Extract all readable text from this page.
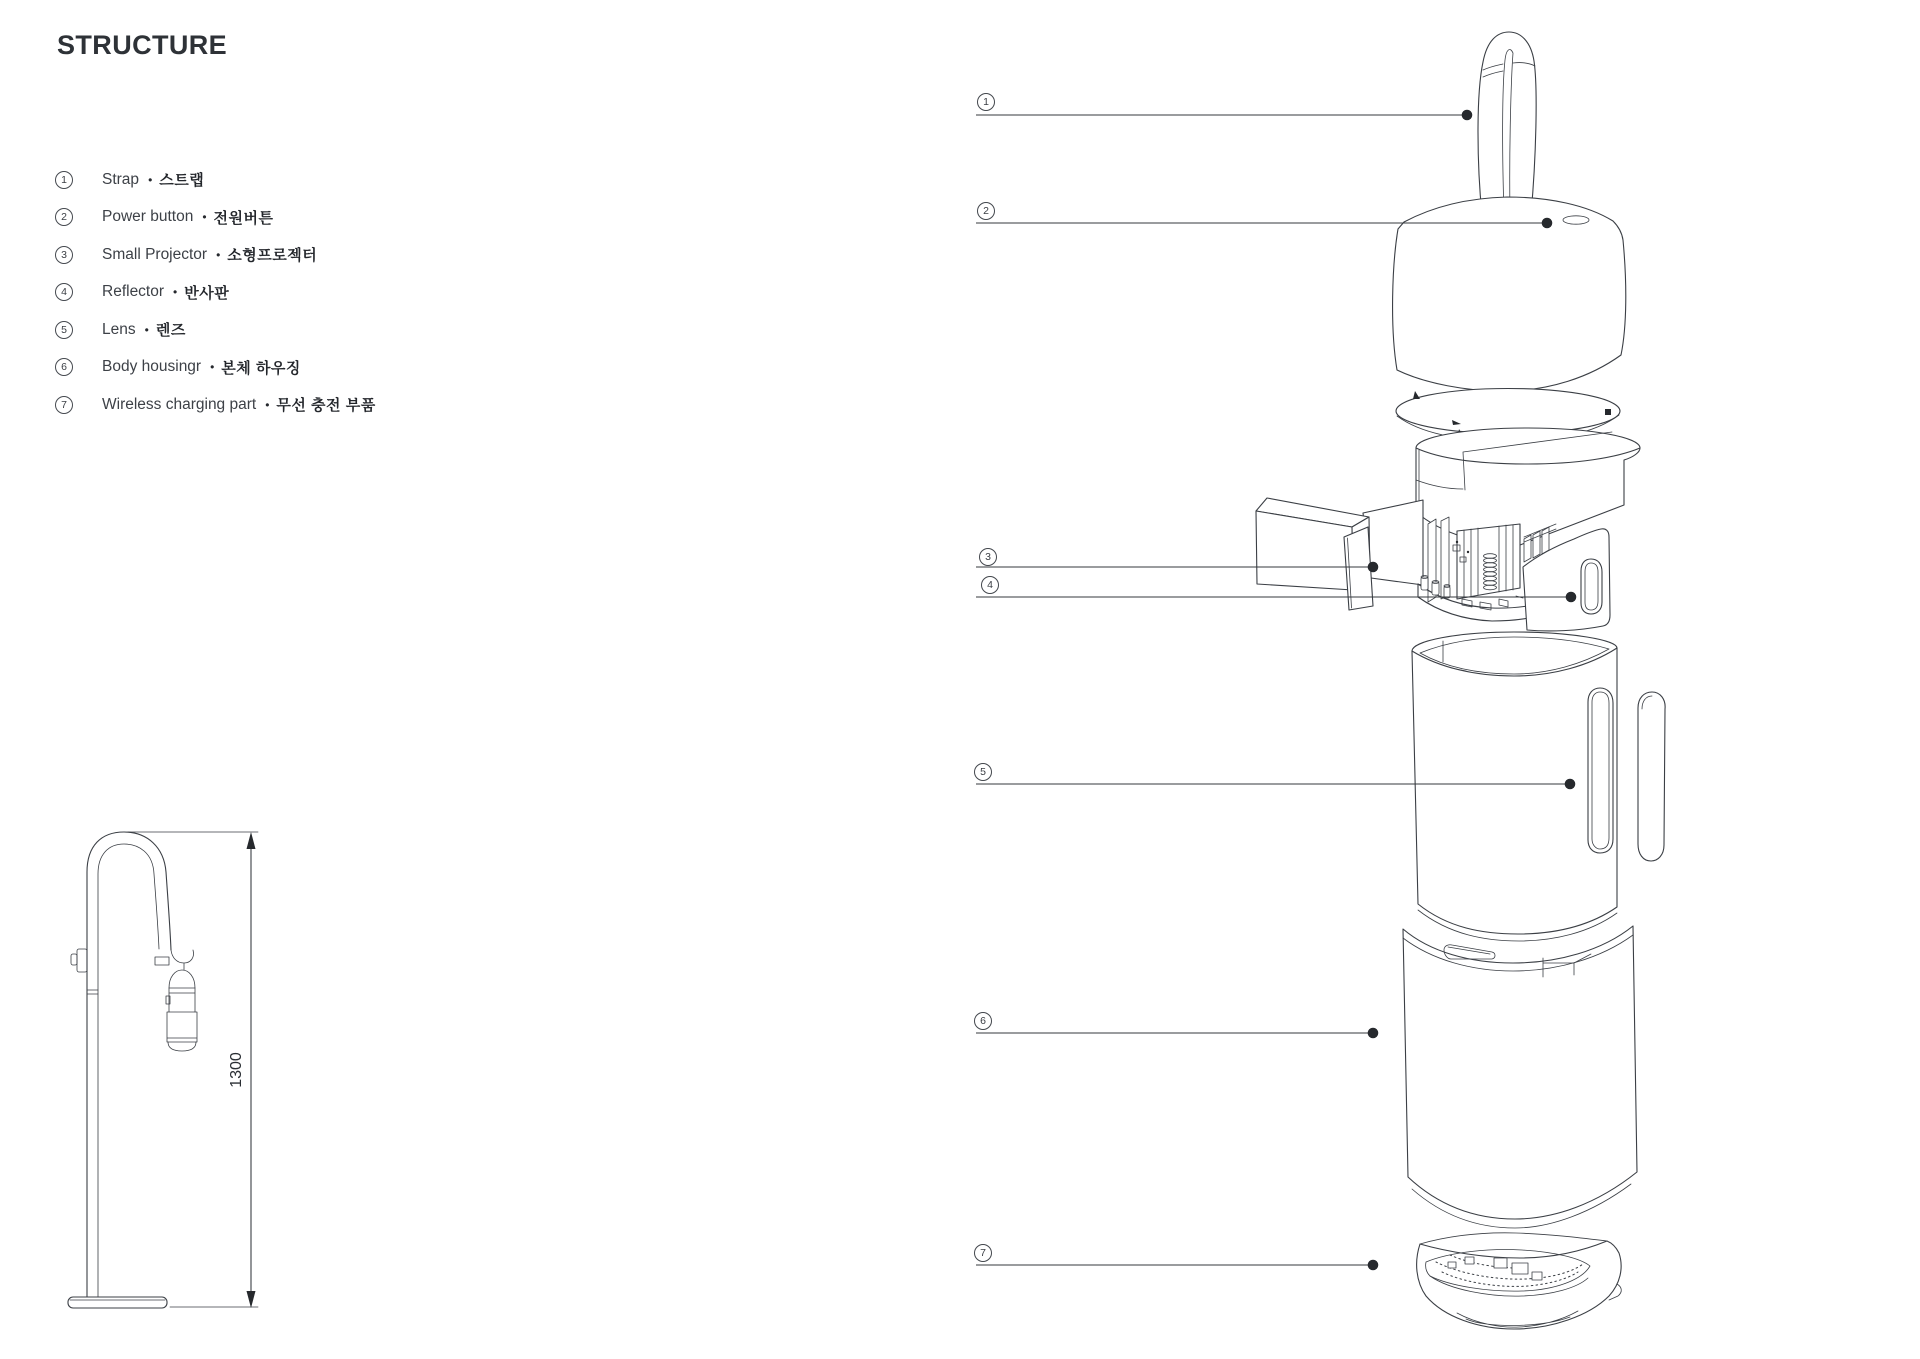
STRUCTURE
1	Strap • 스트랩
2	Power button • 전원버튼
3	Small Projector • 소형프로젝터
4	Reflector • 반사판
5	Lens • 렌즈
6	Body housingr • 본체 하우징
7	Wireless charging part • 무선 충전 부품
1300
1
2
3
4
5
6
7
